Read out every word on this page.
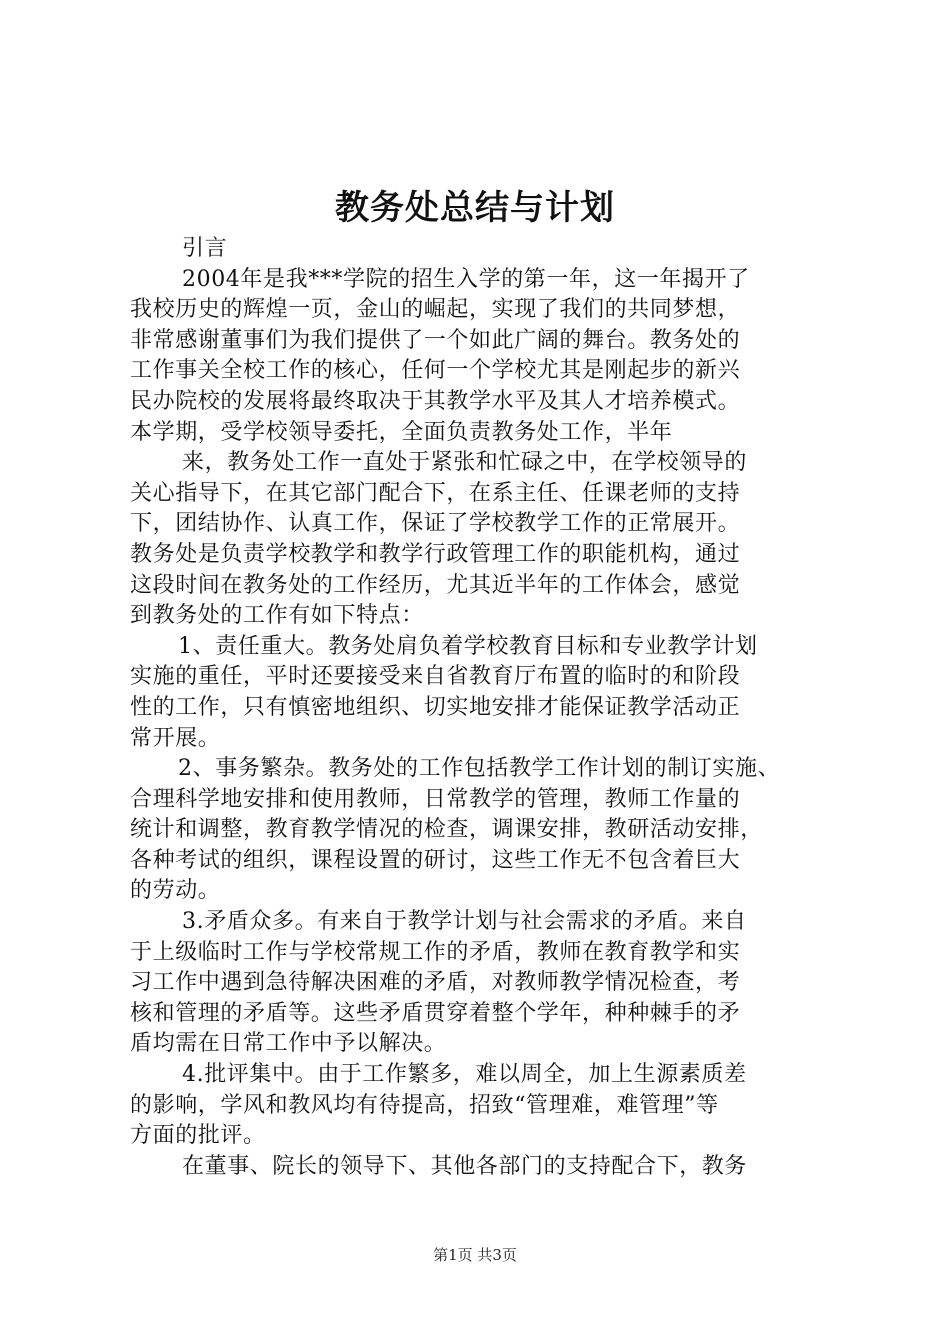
教务处总结与计划

引言

2004年是我***学院的招生入学的第一年，这一年揭开了
我校历史的辉煌一页，金山的崛起，实现了我们的共同梦想，
非常感谢董事们为我们提供了一个如此广阔的舞台。教务处的
工作事关全校工作的核心，任何一个学校尤其是刚起步的新兴
民办院校的发展将最终取决于其教学水平及其人才培养模式。
本学期，受学校领导委托，全面负责教务处工作，半年

来，教务处工作一直处于紧张和忙碌之中，在学校领导的
关心指导下，在其它部门配合下，在系主任、任课老师的支持
下，团结协作、认真工作，保证了学校教学工作的正常展开。
教务处是负责学校教学和教学行政管理工作的职能机构，通过
这段时间在教务处的工作经历，尤其近半年的工作体会，感觉
到教务处的工作有如下特点：

1、责任重大。教务处肩负着学校教育目标和专业教学计划
实施的重任，平时还要接受来自省教育厅布置的临时的和阶段
性的工作，只有慎密地组织、切实地安排才能保证教学活动正
常开展。

2、事务繁杂。教务处的工作包括教学工作计划的制订实施、
合理科学地安排和使用教师，日常教学的管理，教师工作量的
统计和调整，教育教学情况的检查，调课安排，教研活动安排，
各种考试的组织，课程设置的研讨，这些工作无不包含着巨大
的劳动。

3.矛盾众多。有来自于教学计划与社会需求的矛盾。来自
于上级临时工作与学校常规工作的矛盾，教师在教育教学和实
习工作中遇到急待解决困难的矛盾，对教师教学情况检查，考
核和管理的矛盾等。这些矛盾贯穿着整个学年，种种棘手的矛
盾均需在日常工作中予以解决。

4.批评集中。由于工作繁多，难以周全，加上生源素质差
的影响，学风和教风均有待提高，招致“管理难，难管理”等
方面的批评。

在董事、院长的领导下、其他各部门的支持配合下，教务

第1页 共3页
